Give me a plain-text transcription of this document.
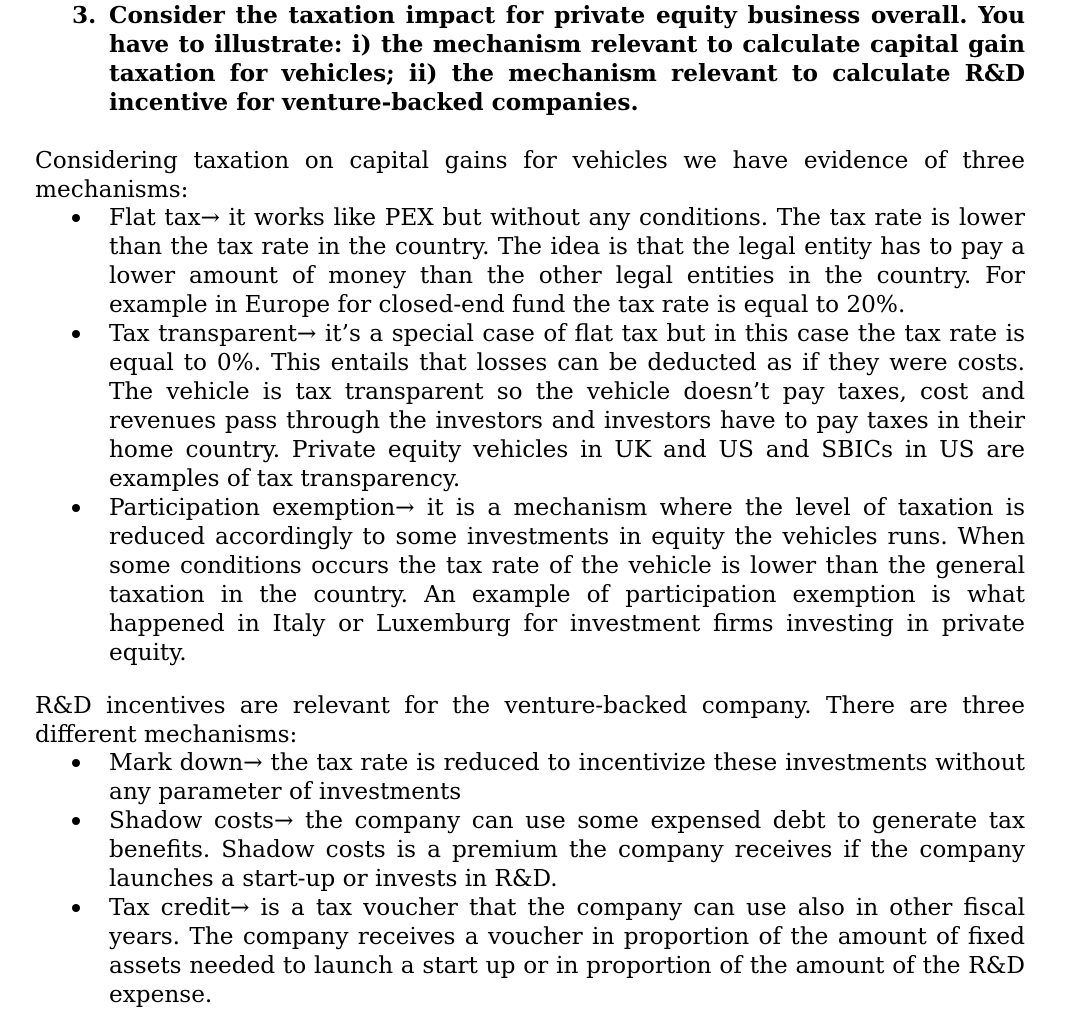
3. Consider the taxation impact for private equity business overall. You have to illustrate: i) the mechanism relevant to calculate capital gain taxation for vehicles; ii) the mechanism relevant to calculate R&D incentive for venture-backed companies.

Considering taxation on capital gains for vehicles we have evidence of three mechanisms:

Flat tax→ it works like PEX but without any conditions. The tax rate is lower than the tax rate in the country. The idea is that the legal entity has to pay a lower amount of money than the other legal entities in the country. For example in Europe for closed-end fund the tax rate is equal to 20%.
Tax transparent→ it’s a special case of flat tax but in this case the tax rate is equal to 0%. This entails that losses can be deducted as if they were costs. The vehicle is tax transparent so the vehicle doesn’t pay taxes, cost and revenues pass through the investors and investors have to pay taxes in their home country. Private equity vehicles in UK and US and SBICs in US are examples of tax transparency.
Participation exemption→ it is a mechanism where the level of taxation is reduced accordingly to some investments in equity the vehicles runs. When some conditions occurs the tax rate of the vehicle is lower than the general taxation in the country. An example of participation exemption is what happened in Italy or Luxemburg for investment firms investing in private equity.

R&D incentives are relevant for the venture-backed company. There are three different mechanisms:

Mark down→ the tax rate is reduced to incentivize these investments without any parameter of investments
Shadow costs→ the company can use some expensed debt to generate tax benefits. Shadow costs is a premium the company receives if the company launches a start-up or invests in R&D.
Tax credit→ is a tax voucher that the company can use also in other fiscal years. The company receives a voucher in proportion of the amount of fixed assets needed to launch a start up or in proportion of the amount of the R&D expense.
